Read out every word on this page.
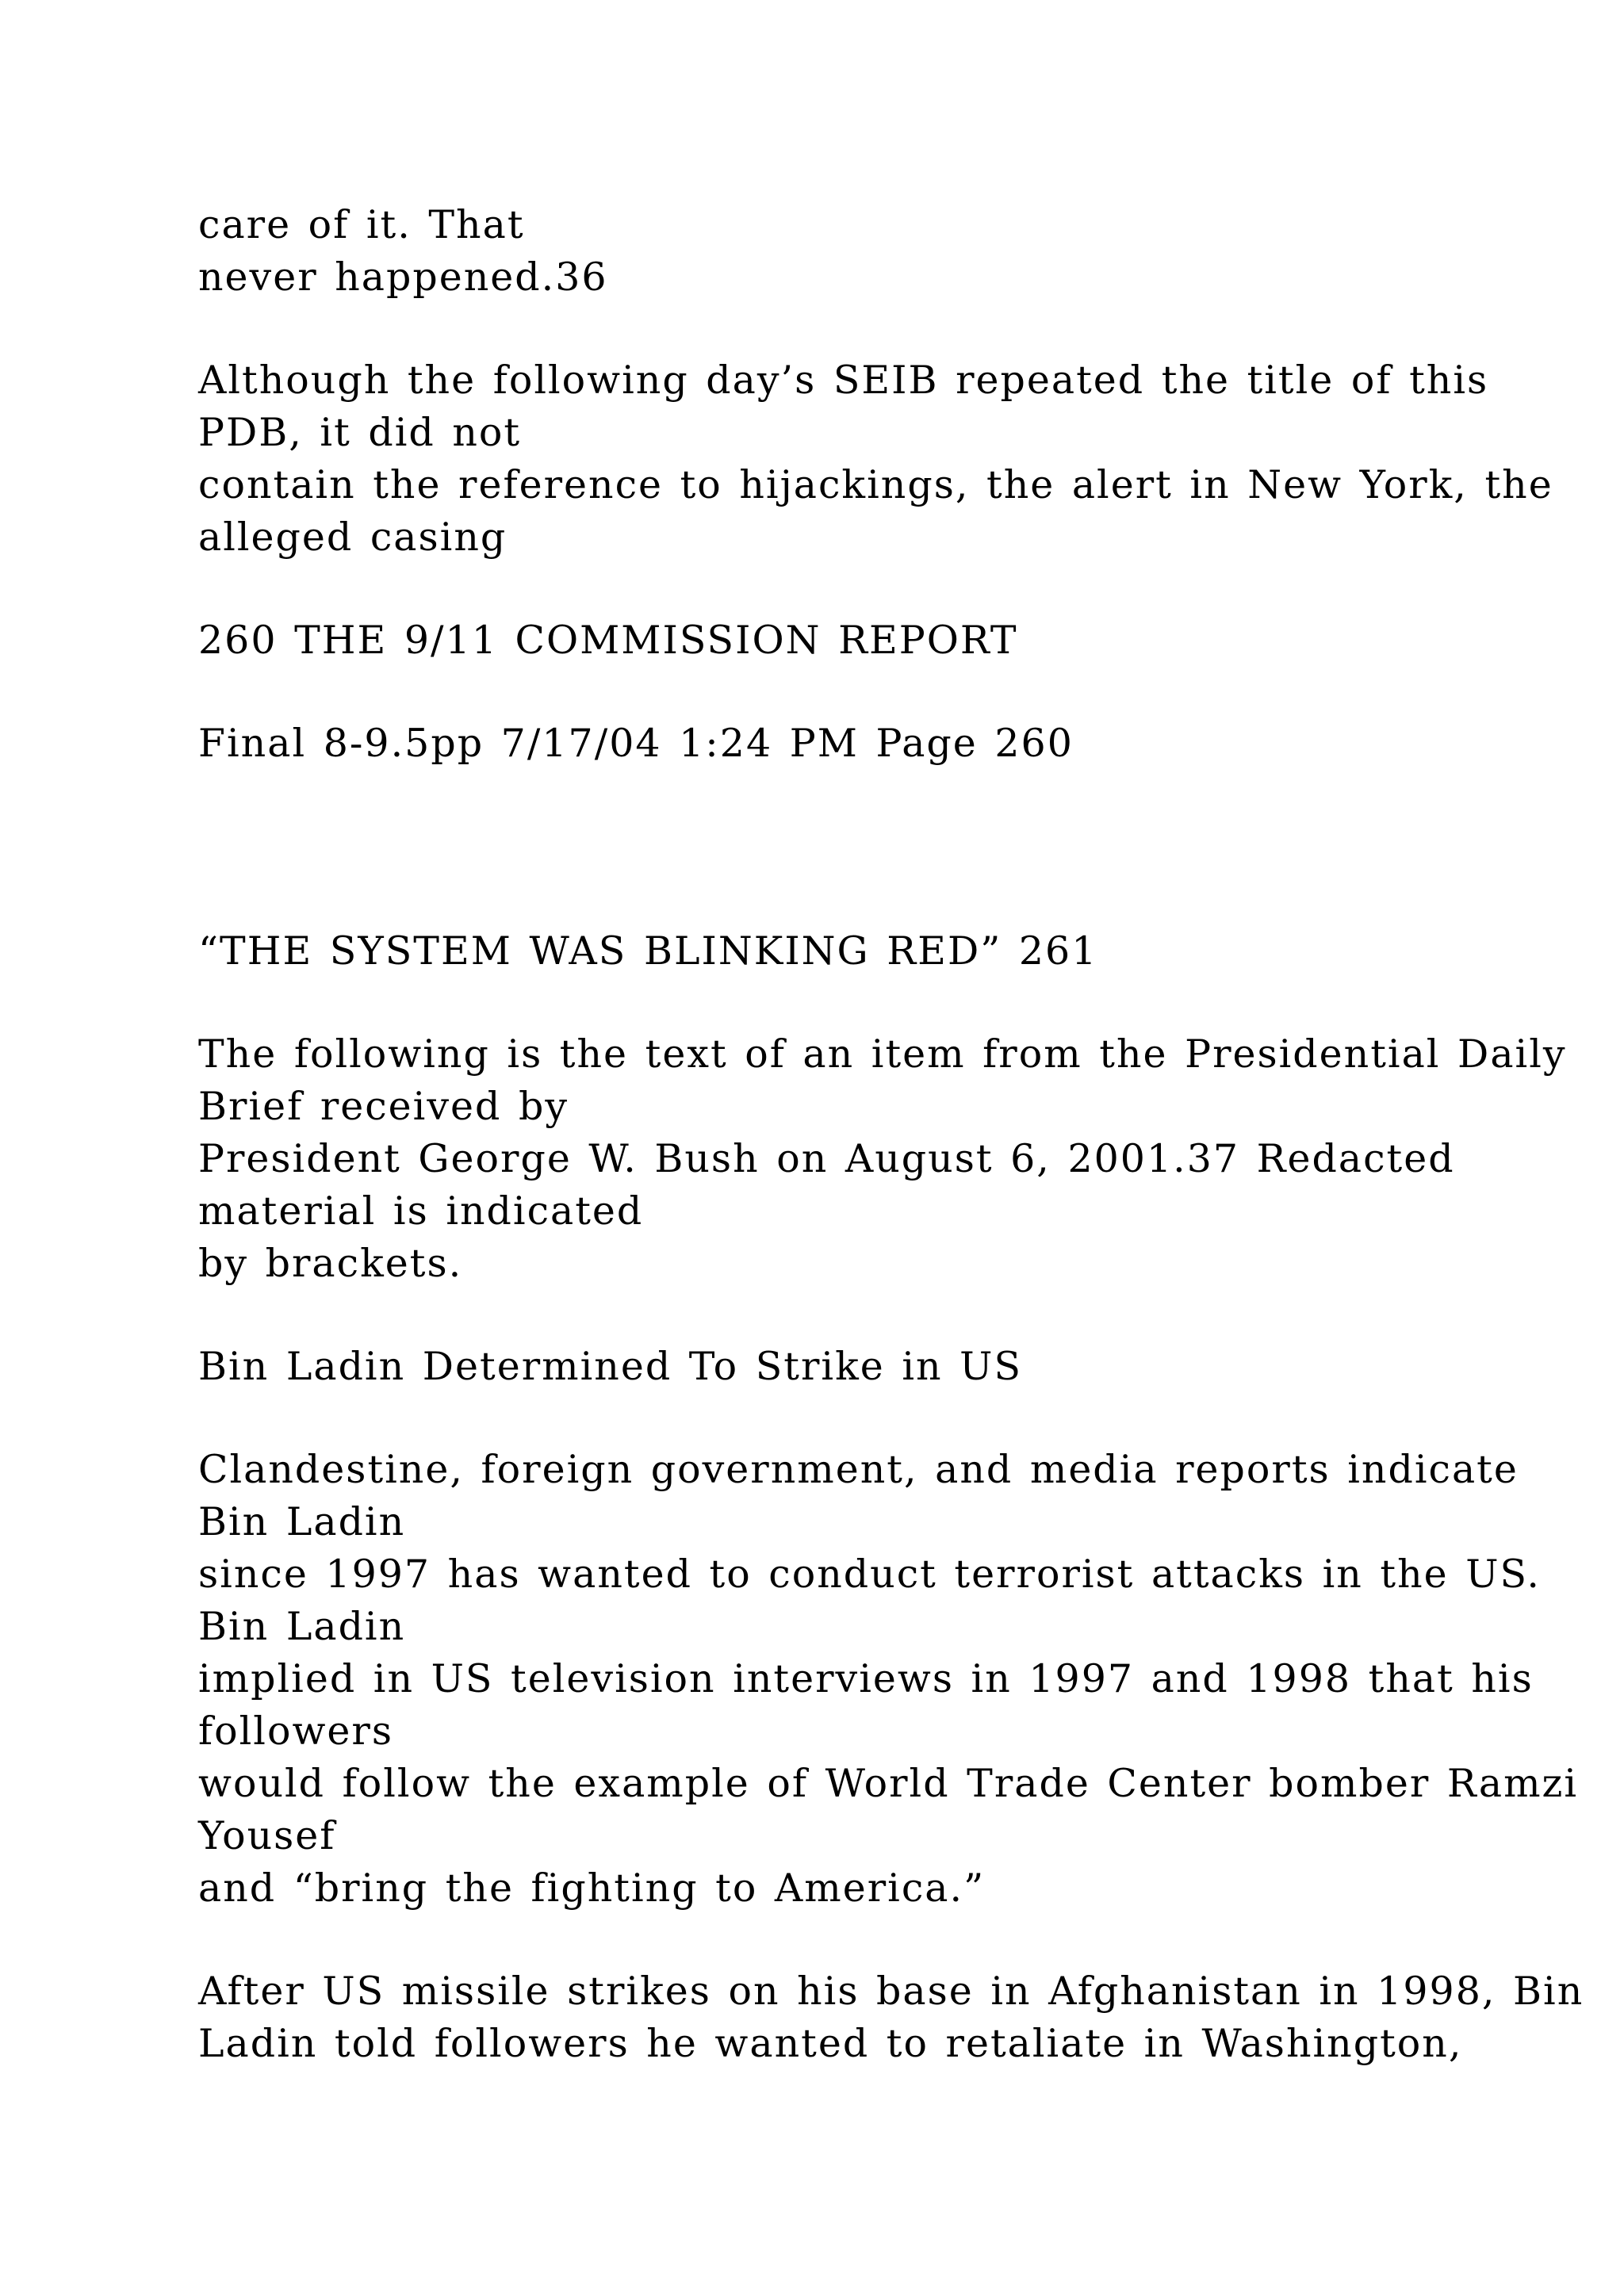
care of it. That

never happened.36

Although the following day’s SEIB repeated the title of this

PDB, it did not

contain the reference to hijackings, the alert in New York, the

alleged casing

260 THE 9/11 COMMISSION REPORT

Final 8-9.5pp 7/17/04 1:24 PM Page 260

“THE SYSTEM WAS BLINKING RED” 261

The following is the text of an item from the Presidential Daily

Brief received by

President George W. Bush on August 6, 2001.37 Redacted

material is indicated

by brackets.

Bin Ladin Determined To Strike in US

Clandestine, foreign government, and media reports indicate

Bin Ladin

since 1997 has wanted to conduct terrorist attacks in the US.

Bin Ladin

implied in US television interviews in 1997 and 1998 that his

followers

would follow the example of World Trade Center bomber Ramzi

Yousef

and “bring the fighting to America.”

After US missile strikes on his base in Afghanistan in 1998, Bin

Ladin told followers he wanted to retaliate in Washington,
